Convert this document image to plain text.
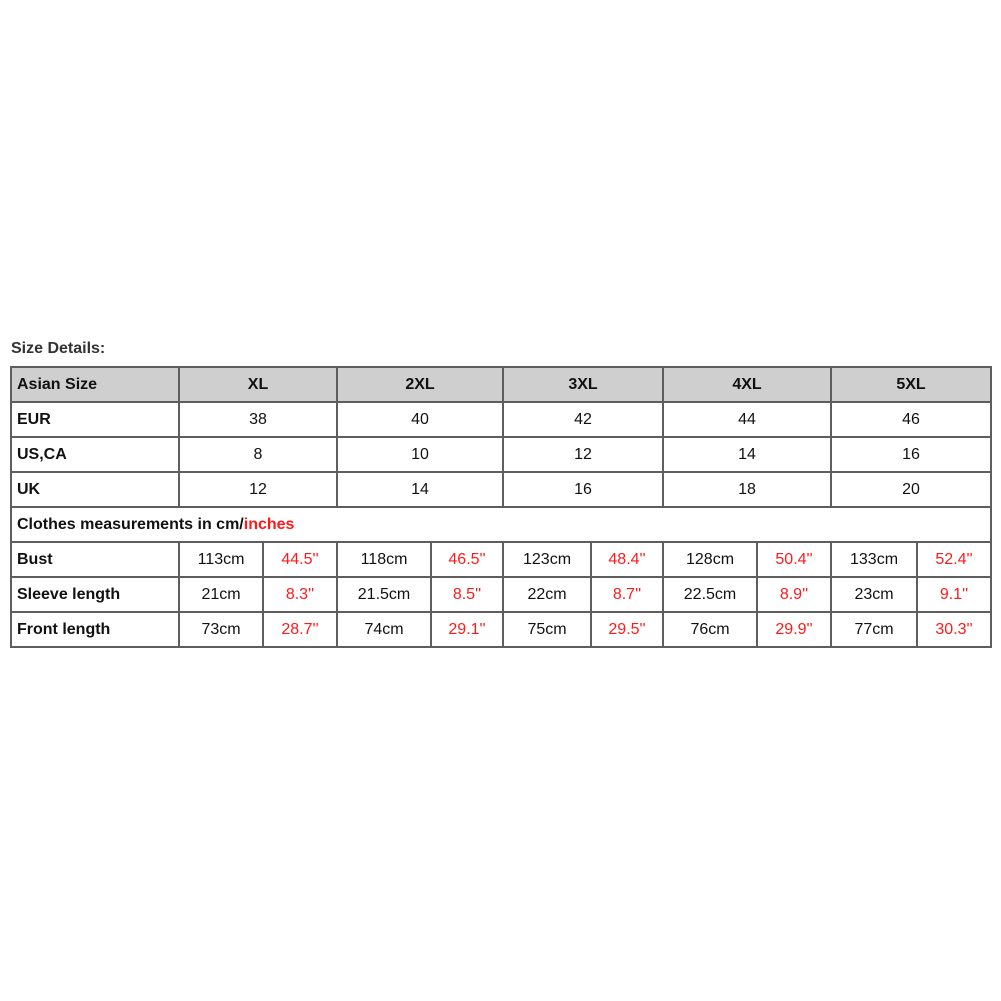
Size Details:
Asian Size	XL		2XL		3XL		4XL		5XL	
EUR	38		40		42		44		46	
US,CA	8		10		12		14		16	
UK	12		14		16		18		20	
Clothes measurements in cm/inches										
Bust	113cm	44.5''	118cm	46.5''	123cm	48.4''	128cm	50.4''	133cm	52.4''
Sleeve length	21cm	8.3''	21.5cm	8.5''	22cm	8.7''	22.5cm	8.9''	23cm	9.1''
Front length	73cm	28.7''	74cm	29.1''	75cm	29.5''	76cm	29.9''	77cm	30.3''
